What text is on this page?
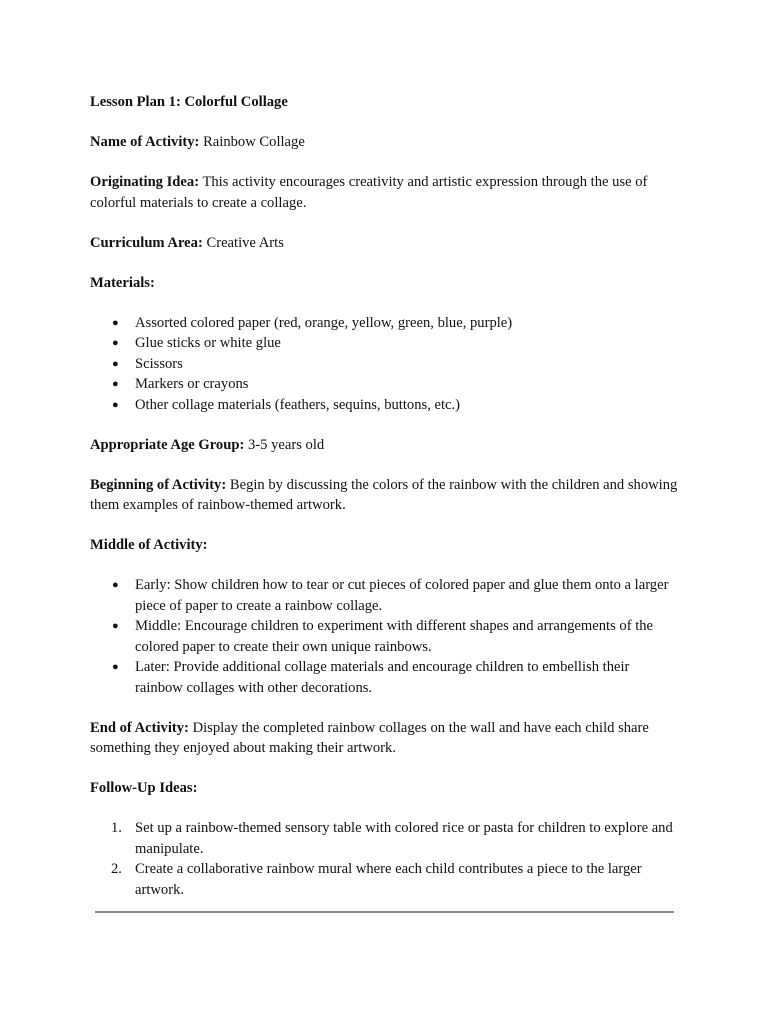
Lesson Plan 1: Colorful Collage

Name of Activity: Rainbow Collage

Originating Idea: This activity encourages creativity and artistic expression through the use of colorful materials to create a collage.

Curriculum Area: Creative Arts

Materials:

● Assorted colored paper (red, orange, yellow, green, blue, purple)
● Glue sticks or white glue
● Scissors
● Markers or crayons
● Other collage materials (feathers, sequins, buttons, etc.)

Appropriate Age Group: 3-5 years old

Beginning of Activity: Begin by discussing the colors of the rainbow with the children and showing them examples of rainbow-themed artwork.

Middle of Activity:

● Early: Show children how to tear or cut pieces of colored paper and glue them onto a larger piece of paper to create a rainbow collage.
● Middle: Encourage children to experiment with different shapes and arrangements of the colored paper to create their own unique rainbows.
● Later: Provide additional collage materials and encourage children to embellish their rainbow collages with other decorations.

End of Activity: Display the completed rainbow collages on the wall and have each child share something they enjoyed about making their artwork.

Follow-Up Ideas:

1. Set up a rainbow-themed sensory table with colored rice or pasta for children to explore and manipulate.
2. Create a collaborative rainbow mural where each child contributes a piece to the larger artwork.
